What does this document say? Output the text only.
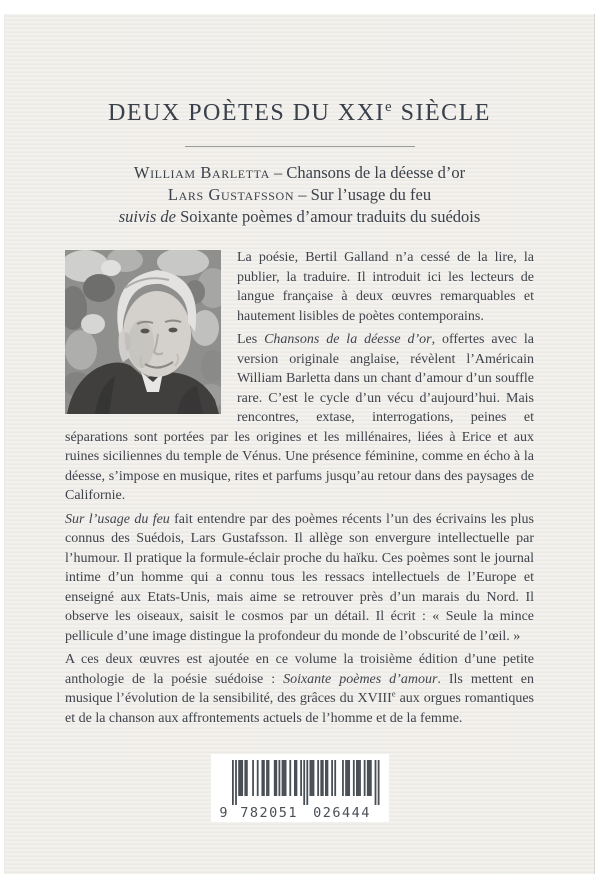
DEUX POÈTES DU XXIe SIÈCLE
William Barletta – Chansons de la déesse d’or
Lars Gustafsson – Sur l’usage du feu
suivis de Soixante poèmes d’amour traduits du suédois

La poésie, Bertil Galland n’a cessé de la lire, la publier, la traduire. Il introduit ici les lecteurs de langue française à deux œuvres remarquables et hautement lisibles de poètes contemporains.

Les Chansons de la déesse d’or, offertes avec la version originale anglaise, révèlent l’Américain William Barletta dans un chant d’amour d’un souffle rare. C’est le cycle d’un vécu d’aujourd’hui. Mais rencontres, extase, interrogations, peines et séparations sont portées par les origines et les millénaires, liées à Erice et aux ruines siciliennes du temple de Vénus. Une présence féminine, comme en écho à la déesse, s’impose en musique, rites et parfums jusqu’au retour dans des paysages de Californie.

Sur l’usage du feu fait entendre par des poèmes récents l’un des écrivains les plus connus des Suédois, Lars Gustafsson. Il allège son envergure intellectuelle par l’humour. Il pratique la formule-éclair proche du haïku. Ces poèmes sont le journal intime d’un homme qui a connu tous les ressacs intellectuels de l’Europe et enseigné aux Etats-Unis, mais aime se retrouver près d’un marais du Nord. Il observe les oiseaux, saisit le cosmos par un détail. Il écrit : « Seule la mince pellicule d’une image distingue la profondeur du monde de l’obscurité de l’œil. »

A ces deux œuvres est ajoutée en ce volume la troisième édition d’une petite anthologie de la poésie suédoise : Soixante poèmes d’amour. Ils mettent en musique l’évolution de la sensibilité, des grâces du XVIIIe aux orgues romantiques et de la chanson aux affrontements actuels de l’homme et de la femme.

9 782051 026444
